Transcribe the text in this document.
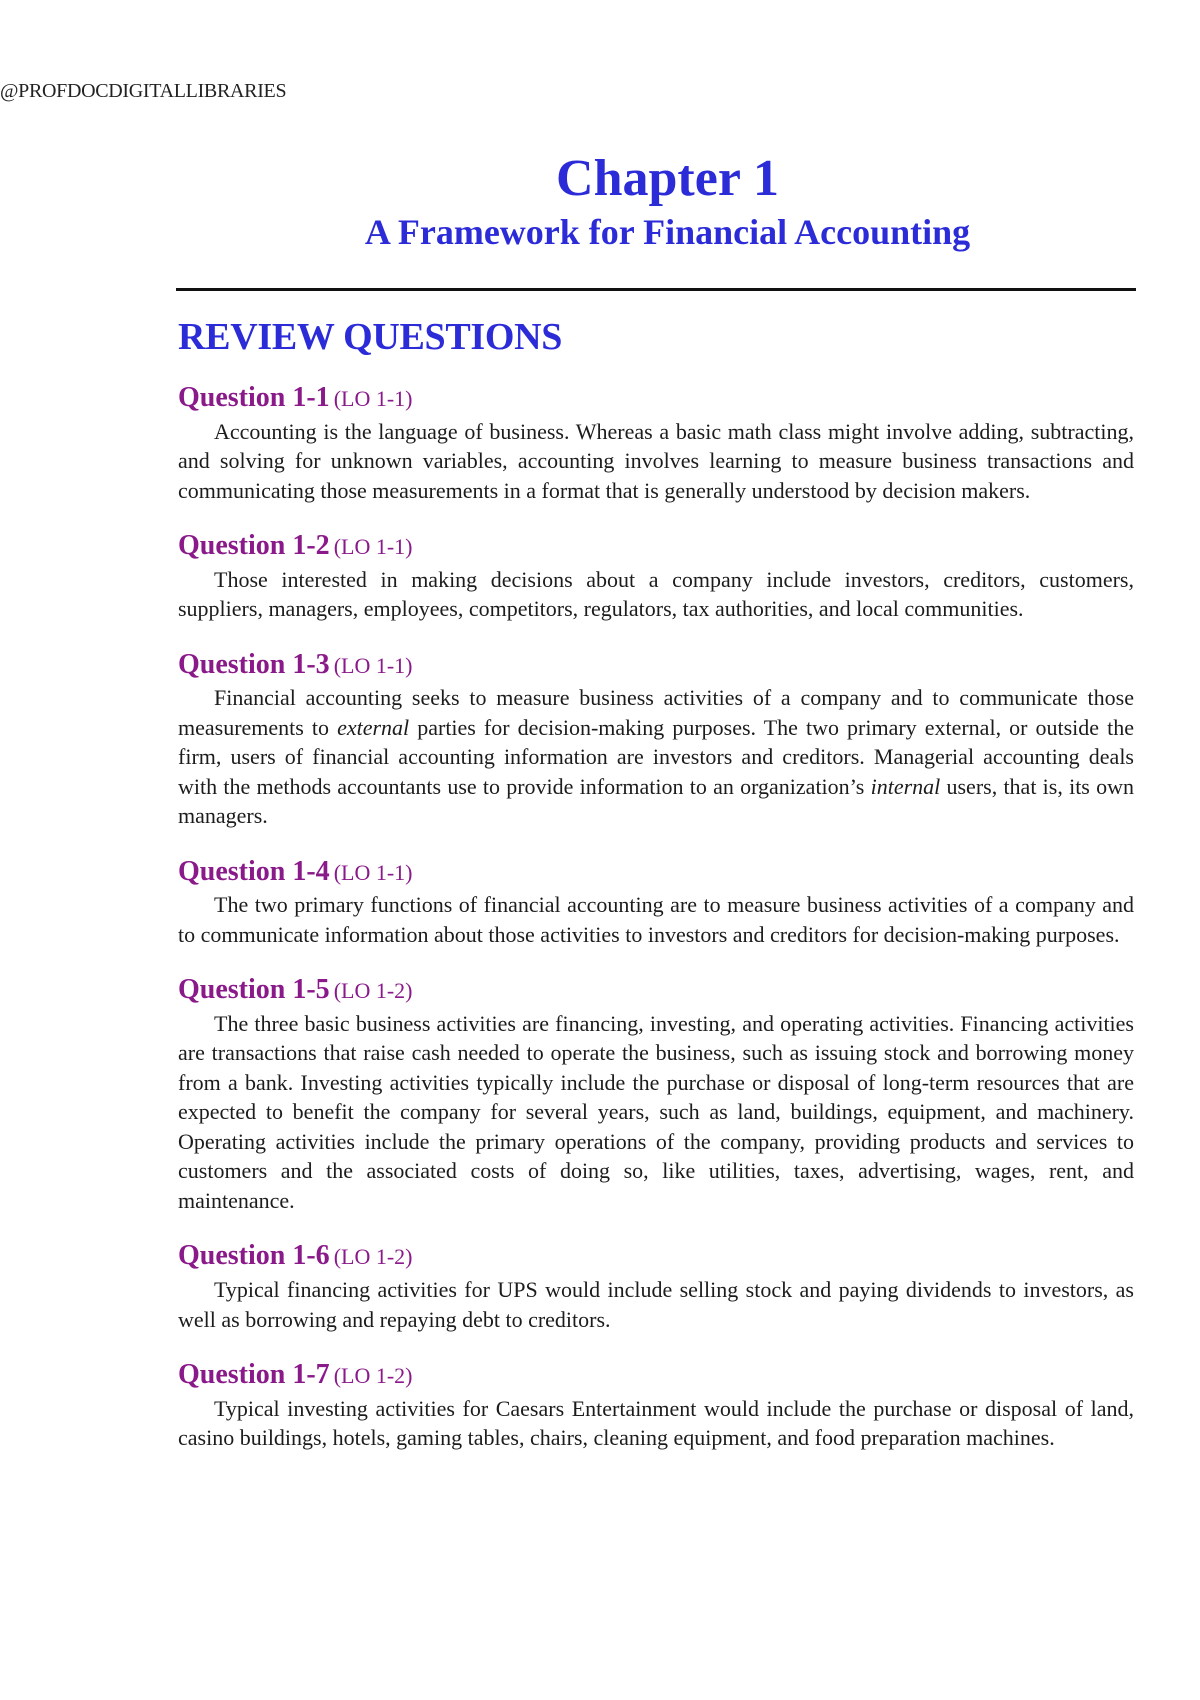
@PROFDOCDIGITALLIBRARIES
Chapter 1
A Framework for Financial Accounting
REVIEW QUESTIONS

Question 1-1 (LO 1-1)

Accounting is the language of business. Whereas a basic math class might involve adding, subtracting, and solving for unknown variables, accounting involves learning to measure business transactions and communicating those measurements in a format that is generally understood by decision makers.

Question 1-2 (LO 1-1)

Those interested in making decisions about a company include investors, creditors, customers, suppliers, managers, employees, competitors, regulators, tax authorities, and local communities.

Question 1-3 (LO 1-1)

Financial accounting seeks to measure business activities of a company and to communicate those measurements to external parties for decision-making purposes. The two primary external, or outside the firm, users of financial accounting information are investors and creditors. Managerial accounting deals with the methods accountants use to provide information to an organization’s internal users, that is, its own managers.

Question 1-4 (LO 1-1)

The two primary functions of financial accounting are to measure business activities of a company and to communicate information about those activities to investors and creditors for decision-making purposes.

Question 1-5 (LO 1-2)

The three basic business activities are financing, investing, and operating activities. Financing activities are transactions that raise cash needed to operate the business, such as issuing stock and borrowing money from a bank. Investing activities typically include the purchase or disposal of long-term resources that are expected to benefit the company for several years, such as land, buildings, equipment, and machinery. Operating activities include the primary operations of the company, providing products and services to customers and the associated costs of doing so, like utilities, taxes, advertising, wages, rent, and maintenance.

Question 1-6 (LO 1-2)

Typical financing activities for UPS would include selling stock and paying dividends to investors, as well as borrowing and repaying debt to creditors.

Question 1-7 (LO 1-2)

Typical investing activities for Caesars Entertainment would include the purchase or disposal of land, casino buildings, hotels, gaming tables, chairs, cleaning equipment, and food preparation machines.
